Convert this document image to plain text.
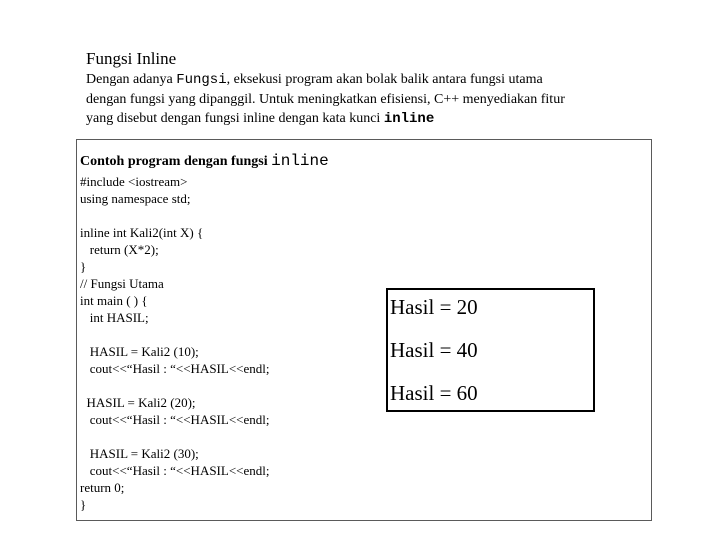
Fungsi Inline
Dengan adanya Fungsi, eksekusi program akan bolak balik antara fungsi utama
dengan fungsi yang dipanggil. Untuk meningkatkan efisiensi, C++ menyediakan fitur
yang disebut dengan fungsi inline dengan kata kunci inline
Contoh program dengan fungsi inline
#include <iostream>
using namespace std;
inline int Kali2(int X) {
return (X*2);
}
// Fungsi Utama
int main ( ) {
int HASIL;
HASIL = Kali2 (10);
cout<<“Hasil : “<<HASIL<<endl;
HASIL = Kali2 (20);
cout<<“Hasil : “<<HASIL<<endl;
HASIL = Kali2 (30);
cout<<“Hasil : “<<HASIL<<endl;
return 0;
}
Hasil = 20
Hasil = 40
Hasil = 60
